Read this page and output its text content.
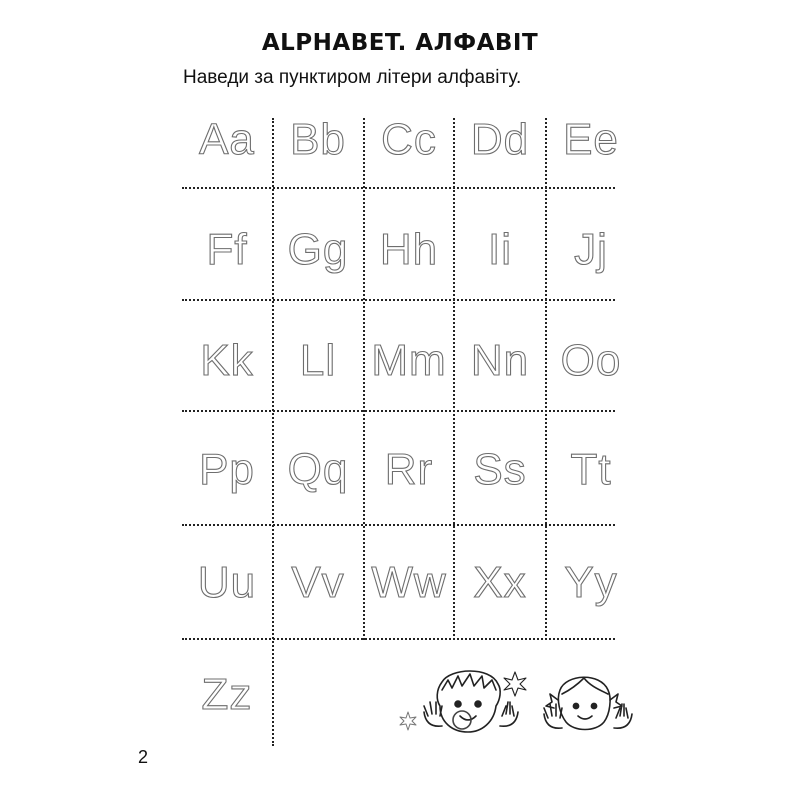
ALPHABET. АЛФАВІТ
Наведи за пунктиром літери алфавіту.
Aa Bb Cc Dd Ee
Ff Gg Hh Ii Jj
Kk Ll Mm Nn Oo
Pp Qq Rr Ss Tt
Uu Vv Ww Xx Yy
Zz
2
